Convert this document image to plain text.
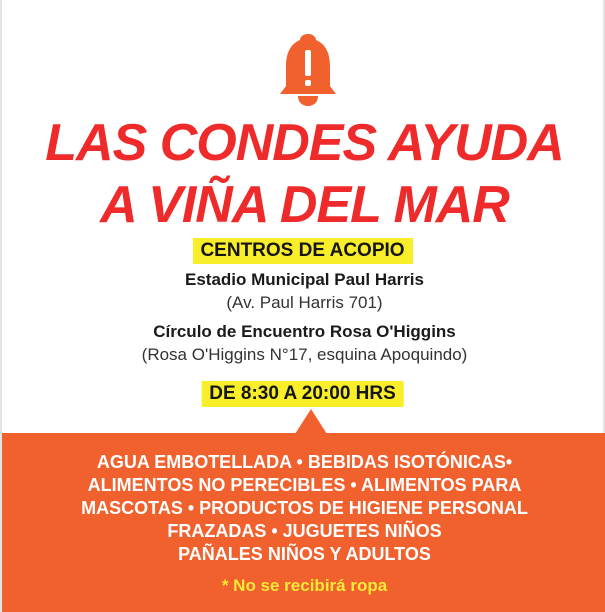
LAS CONDES AYUDA
A VIÑA DEL MAR
CENTROS DE ACOPIO
Estadio Municipal Paul Harris
(Av. Paul Harris 701)
Círculo de Encuentro Rosa O'Higgins
(Rosa O'Higgins N°17, esquina Apoquindo)
DE 8:30 A 20:00 HRS
AGUA EMBOTELLADA • BEBIDAS ISOTÓNICAS•
ALIMENTOS NO PERECIBLES • ALIMENTOS PARA
MASCOTAS • PRODUCTOS DE HIGIENE PERSONAL
FRAZADAS • JUGUETES NIÑOS
PAÑALES NIÑOS Y ADULTOS
* No se recibirá ropa
